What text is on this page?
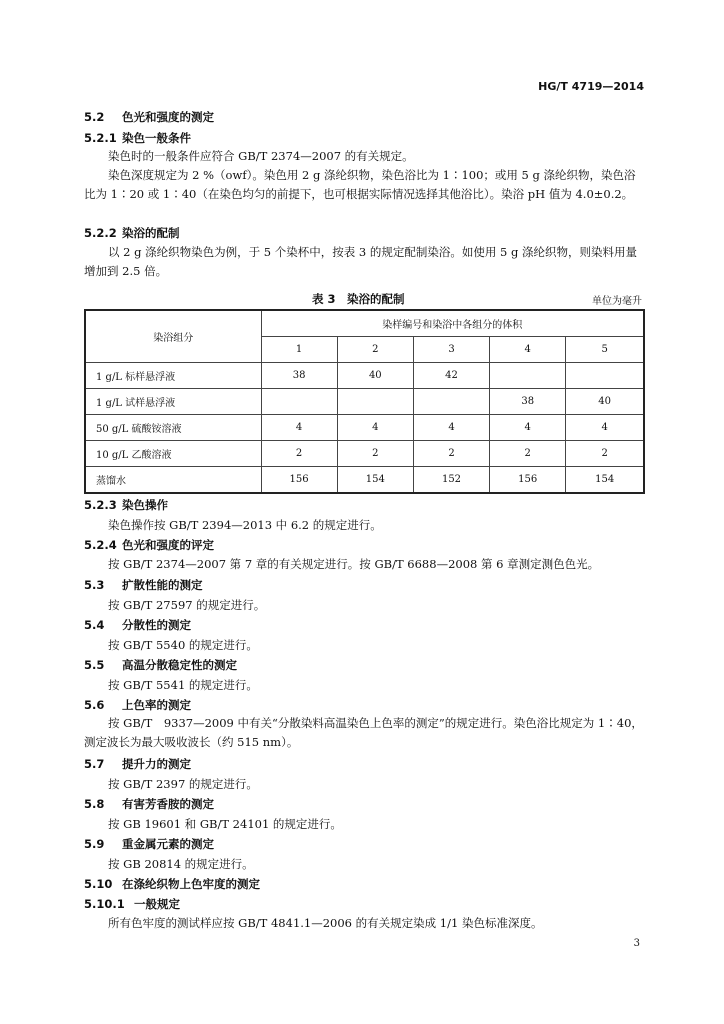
HG/T 4719—2014
5.2 色光和强度的测定
5.2.1 染色一般条件
染色时的一般条件应符合 GB/T 2374—2007 的有关规定。
染色深度规定为 2 %（owf）。染色用 2 g 涤纶织物，染色浴比为 1∶100；或用 5 g 涤纶织物，染色浴比为 1∶20 或 1∶40（在染色均匀的前提下，也可根据实际情况选择其他浴比）。染浴 pH 值为 4.0±0.2。
5.2.2 染浴的配制
以 2 g 涤纶织物染色为例，于 5 个染杯中，按表 3 的规定配制染浴。如使用 5 g 涤纶织物，则染料用量增加到 2.5 倍。
表 3　染浴的配制	单位为毫升
染浴组分	染样编号和染浴中各组分的体积				
	1	2	3	4	5
1 g/L 标样悬浮液	38	40	42		
1 g/L 试样悬浮液				38	40
50 g/L 硫酸铵溶液	4	4	4	4	4
10 g/L 乙酸溶液	2	2	2	2	2
蒸馏水	156	154	152	156	154
5.2.3 染色操作
染色操作按 GB/T 2394—2013 中 6.2 的规定进行。
5.2.4 色光和强度的评定
按 GB/T 2374—2007 第 7 章的有关规定进行。按 GB/T 6688—2008 第 6 章测定测色色光。
5.3 扩散性能的测定
按 GB/T 27597 的规定进行。
5.4 分散性的测定
按 GB/T 5540 的规定进行。
5.5 高温分散稳定性的测定
按 GB/T 5541 的规定进行。
5.6 上色率的测定
按 GB/T　9337—2009 中有关“分散染料高温染色上色率的测定”的规定进行。染色浴比规定为 1∶40，测定波长为最大吸收波长（约 515 nm）。
5.7 提升力的测定
按 GB/T 2397 的规定进行。
5.8 有害芳香胺的测定
按 GB 19601 和 GB/T 24101 的规定进行。
5.9 重金属元素的测定
按 GB 20814 的规定进行。
5.10 在涤纶织物上色牢度的测定
5.10.1 一般规定
所有色牢度的测试样应按 GB/T 4841.1—2006 的有关规定染成 1/1 染色标准深度。
3
